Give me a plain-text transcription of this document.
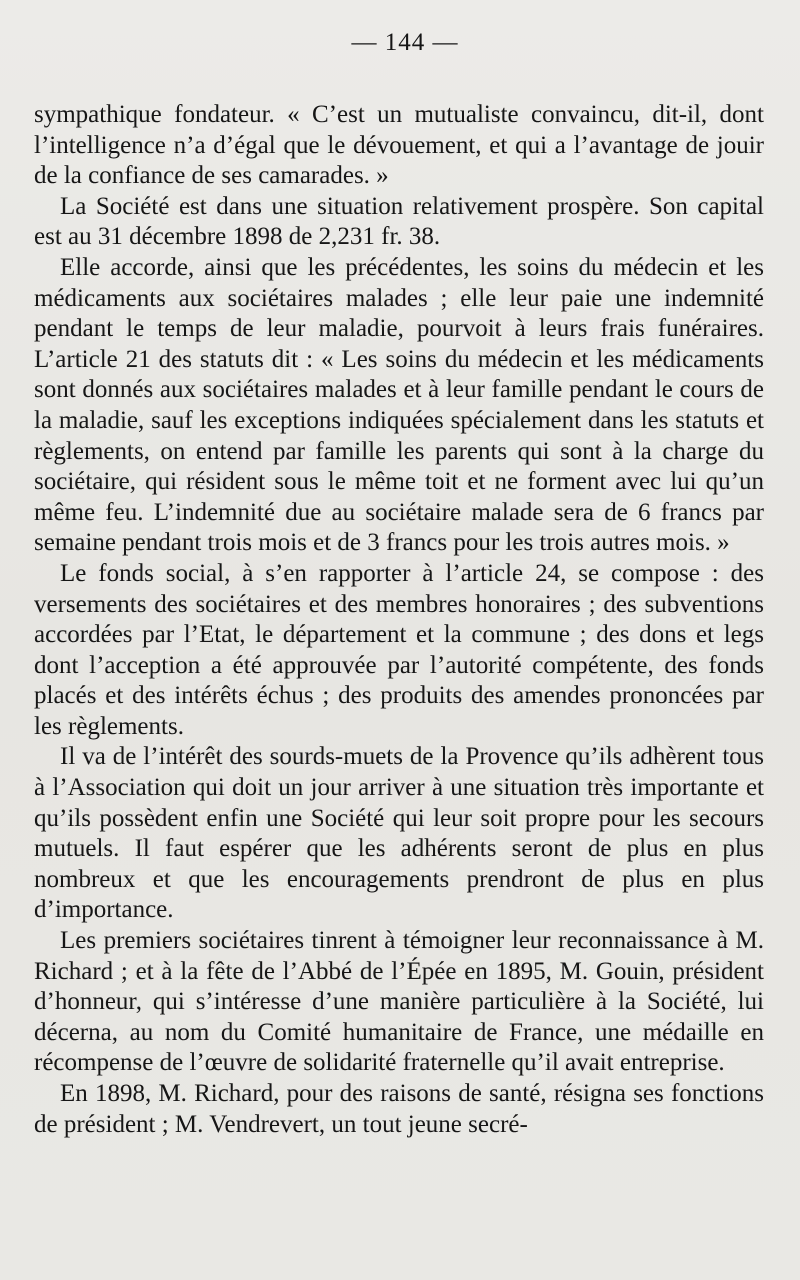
— 144 —

sympathique fondateur. « C’est un mutualiste convaincu, dit-il, dont l’intelligence n’a d’égal que le dévouement, et qui a l’avantage de jouir de la confiance de ses camarades. »

La Société est dans une situation relativement prospère. Son capital est au 31 décembre 1898 de 2,231 fr. 38.

Elle accorde, ainsi que les précédentes, les soins du médecin et les médicaments aux sociétaires malades ; elle leur paie une indemnité pendant le temps de leur maladie, pourvoit à leurs frais funéraires. L’article 21 des statuts dit : « Les soins du médecin et les médicaments sont donnés aux sociétaires malades et à leur famille pendant le cours de la maladie, sauf les exceptions indiquées spécialement dans les statuts et règlements, on entend par famille les parents qui sont à la charge du sociétaire, qui résident sous le même toit et ne forment avec lui qu’un même feu. L’indemnité due au sociétaire malade sera de 6 francs par semaine pendant trois mois et de 3 francs pour les trois autres mois. »

Le fonds social, à s’en rapporter à l’article 24, se compose : des versements des sociétaires et des membres honoraires ; des subventions accordées par l’Etat, le département et la commune ; des dons et legs dont l’acception a été approuvée par l’autorité compétente, des fonds placés et des intérêts échus ; des produits des amendes prononcées par les règlements.

Il va de l’intérêt des sourds-muets de la Provence qu’ils adhèrent tous à l’Association qui doit un jour arriver à une situation très importante et qu’ils possèdent enfin une Société qui leur soit propre pour les secours mutuels. Il faut espérer que les adhérents seront de plus en plus nombreux et que les encouragements prendront de plus en plus d’importance.

Les premiers sociétaires tinrent à témoigner leur reconnaissance à M. Richard ; et à la fête de l’Abbé de l’Épée en 1895, M. Gouin, président d’honneur, qui s’intéresse d’une manière particulière à la Société, lui décerna, au nom du Comité humanitaire de France, une médaille en récompense de l’œuvre de solidarité fraternelle qu’il avait entreprise.

En 1898, M. Richard, pour des raisons de santé, résigna ses fonctions de président ; M. Vendrevert, un tout jeune secré-
